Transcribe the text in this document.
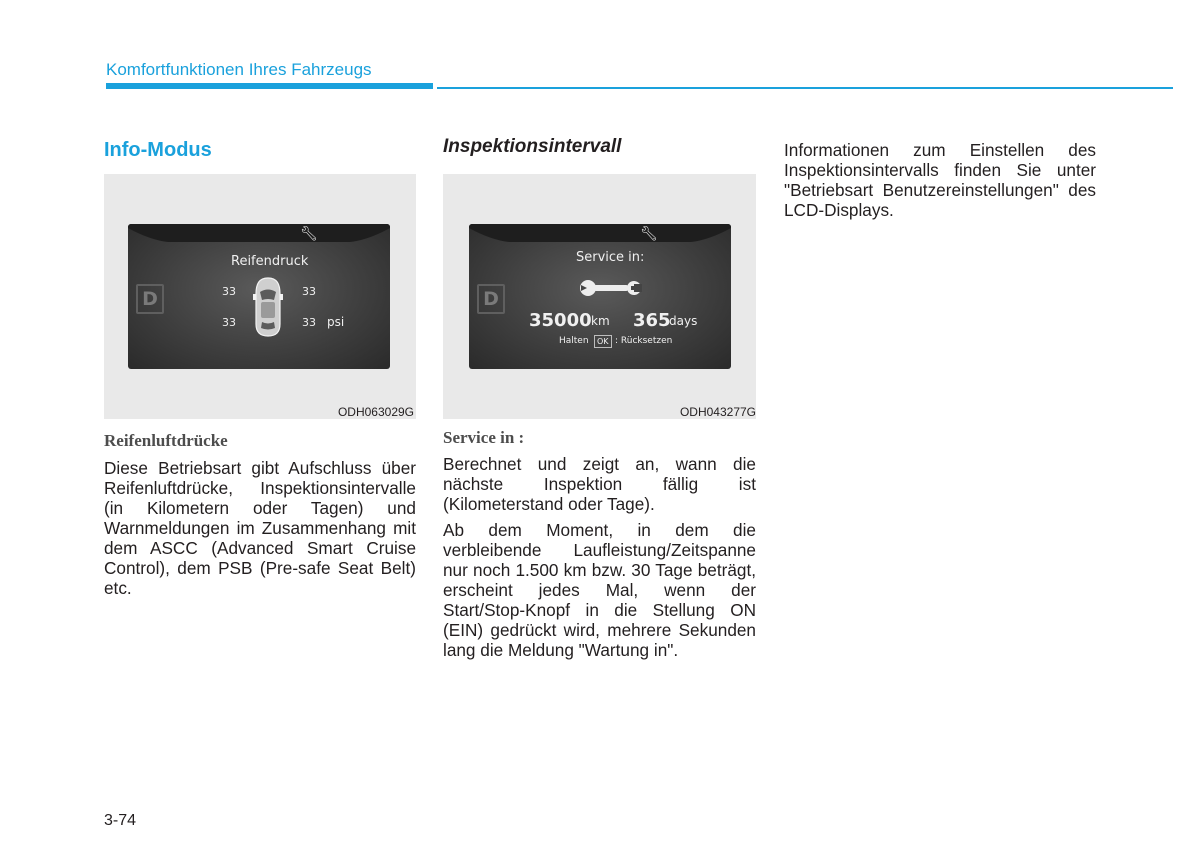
Komfortfunktionen Ihres Fahrzeugs
Info-Modus
🔧︎
Reifendruck
D	33	33
33	33 psi
ODH063029G
Reifenluftdrücke
Diese Betriebsart gibt Aufschluss über Reifenluftdrücke, Inspektionsintervalle (in Kilometern oder Tagen) und Warnmeldungen im Zusammenhang mit dem ASCC (Advanced Smart Cruise Control), dem PSB (Pre-safe Seat Belt) etc.
Inspektionsintervall
🔧︎
Service in:
D
35000 km 365
days
Halten	OK : Rücksetzen
ODH043277G
Service in :
Berechnet und zeigt an, wann die nächste Inspektion fällig ist (Kilometerstand oder Tage).
Ab dem Moment, in dem die verbleibende Laufleistung/Zeitspanne nur noch 1.500 km bzw. 30 Tage beträgt, erscheint jedes Mal, wenn der Start/Stop-Knopf in die Stellung ON (EIN) gedrückt wird, mehrere Sekunden lang die Meldung "Wartung in".
Informationen zum Einstellen des Inspektionsintervalls finden Sie unter "Betriebsart Benutzereinstellungen" des LCD-Displays.
3-74
